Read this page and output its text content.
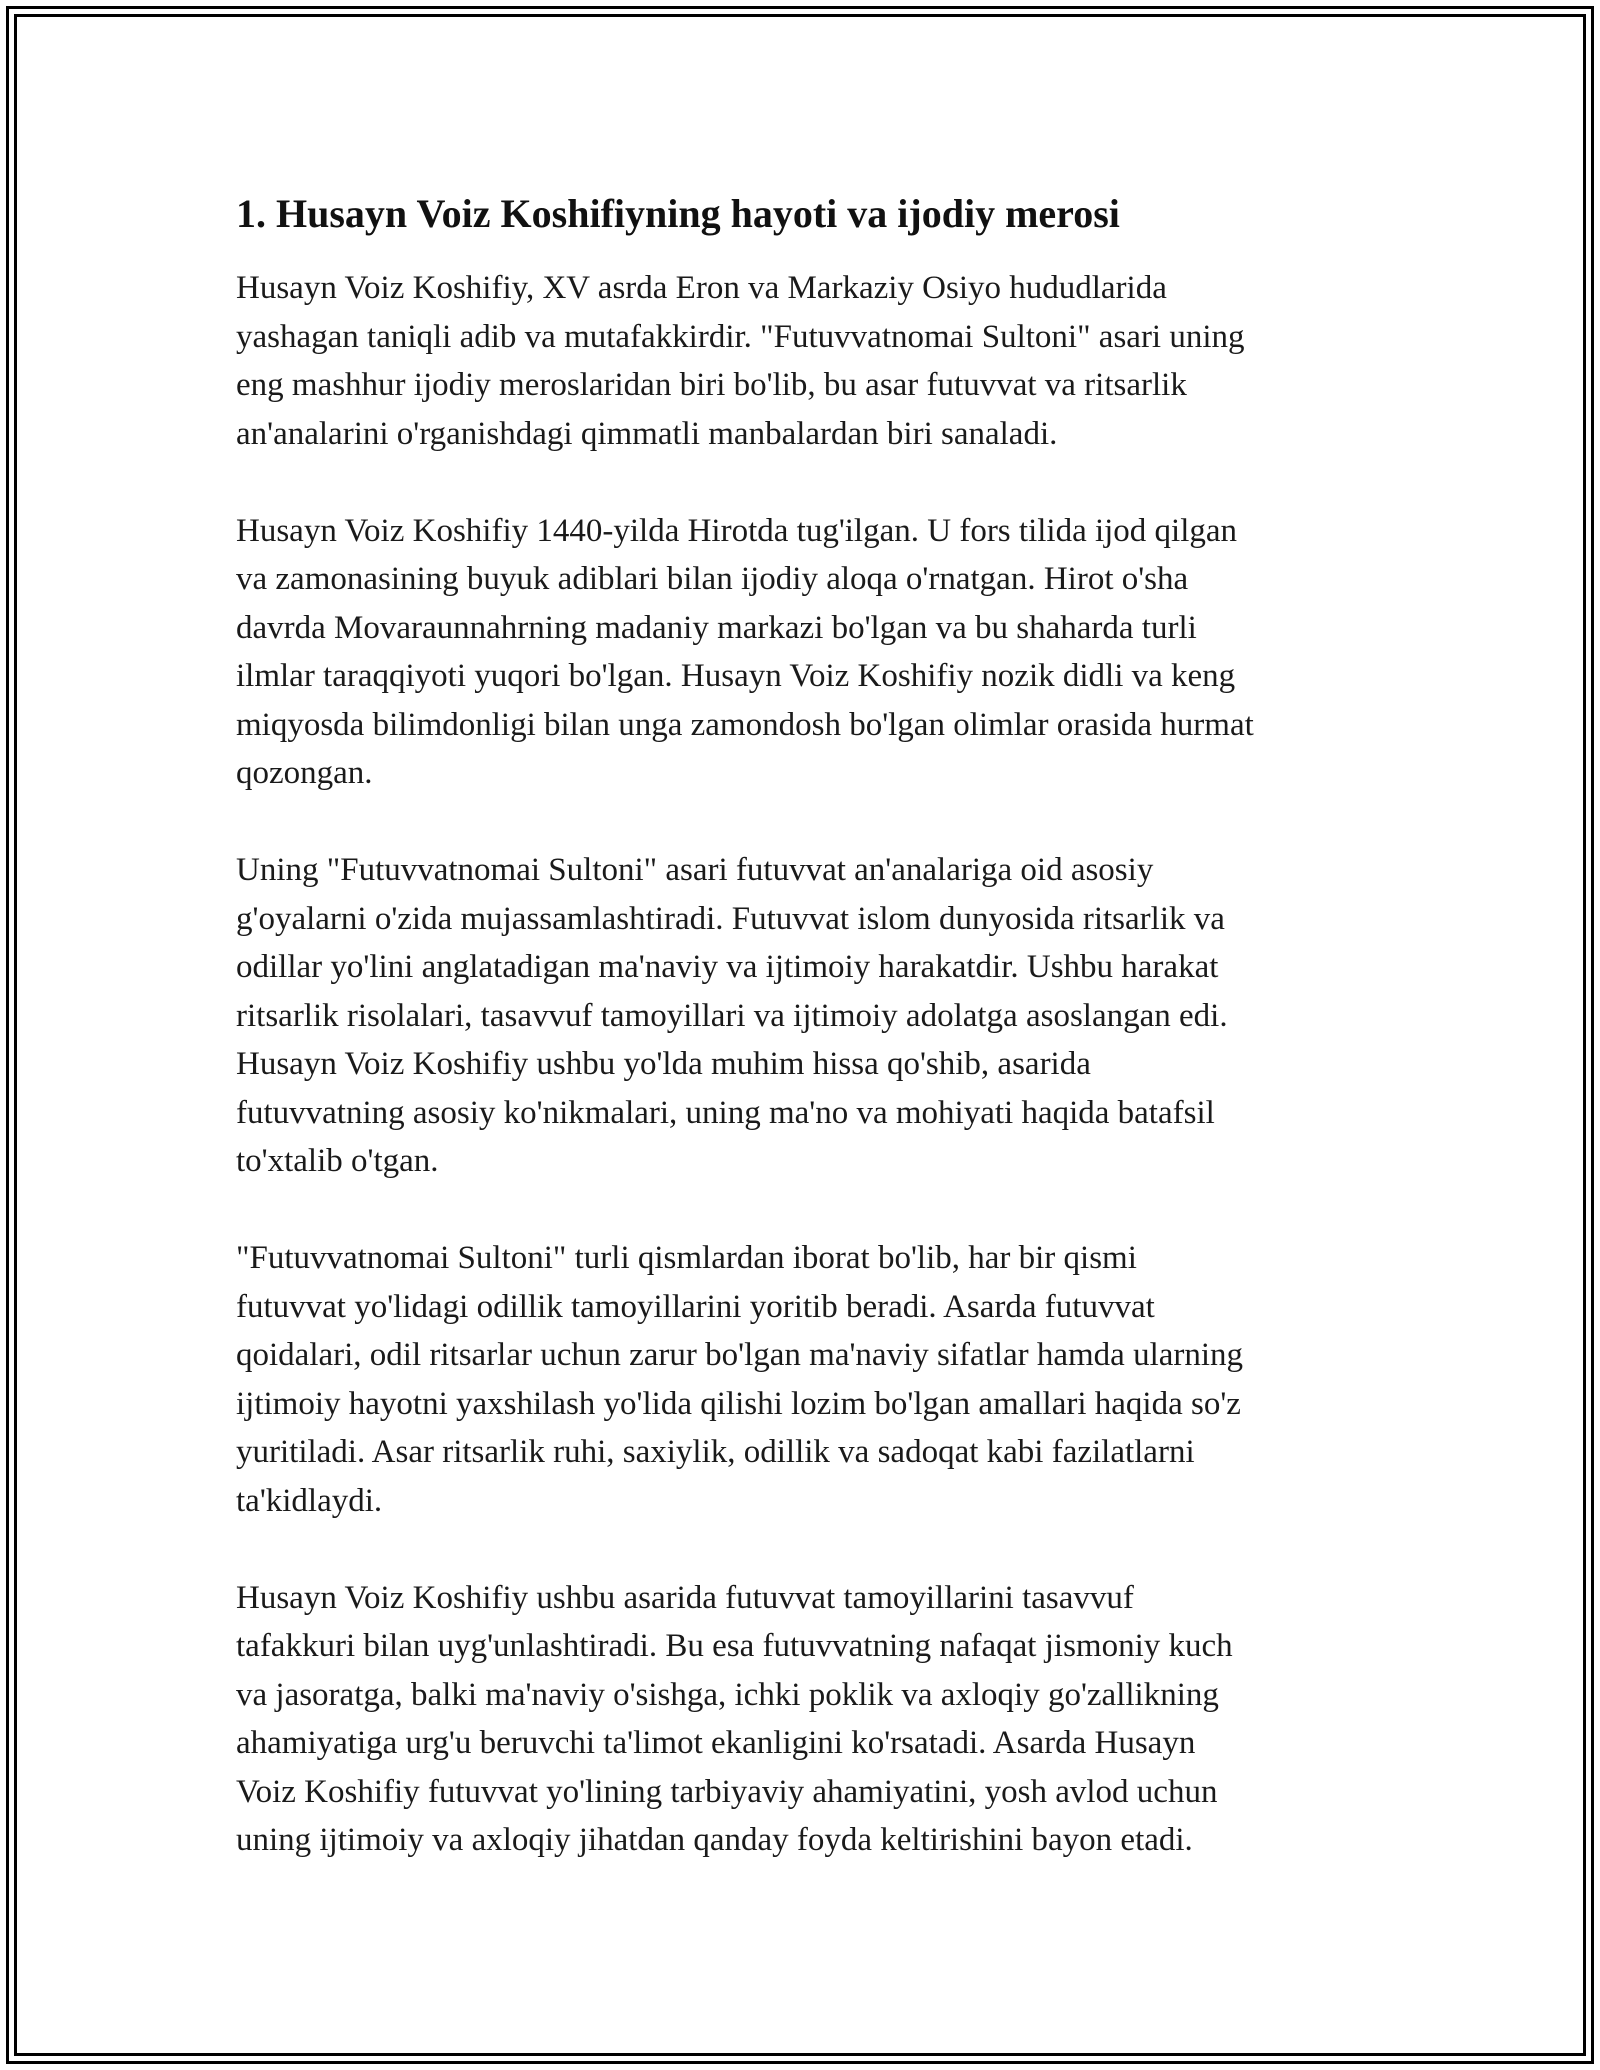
1. Husayn Voiz Koshifiyning hayoti va ijodiy merosi
Husayn Voiz Koshifiy, XV asrda Eron va Markaziy Osiyo hududlarida
yashagan taniqli adib va mutafakkirdir. "Futuvvatnomai Sultoni" asari uning
eng mashhur ijodiy meroslaridan biri bo'lib, bu asar futuvvat va ritsarlik
an'analarini o'rganishdagi qimmatli manbalardan biri sanaladi.
Husayn Voiz Koshifiy 1440-yilda Hirotda tug'ilgan. U fors tilida ijod qilgan
va zamonasining buyuk adiblari bilan ijodiy aloqa o'rnatgan. Hirot o'sha
davrda Movaraunnahrning madaniy markazi bo'lgan va bu shaharda turli
ilmlar taraqqiyoti yuqori bo'lgan. Husayn Voiz Koshifiy nozik didli va keng
miqyosda bilimdonligi bilan unga zamondosh bo'lgan olimlar orasida hurmat
qozongan.
Uning "Futuvvatnomai Sultoni" asari futuvvat an'analariga oid asosiy
g'oyalarni o'zida mujassamlashtiradi. Futuvvat islom dunyosida ritsarlik va
odillar yo'lini anglatadigan ma'naviy va ijtimoiy harakatdir. Ushbu harakat
ritsarlik risolalari, tasavvuf tamoyillari va ijtimoiy adolatga asoslangan edi.
Husayn Voiz Koshifiy ushbu yo'lda muhim hissa qo'shib, asarida
futuvvatning asosiy ko'nikmalari, uning ma'no va mohiyati haqida batafsil
to'xtalib o'tgan.
"Futuvvatnomai Sultoni" turli qismlardan iborat bo'lib, har bir qismi
futuvvat yo'lidagi odillik tamoyillarini yoritib beradi. Asarda futuvvat
qoidalari, odil ritsarlar uchun zarur bo'lgan ma'naviy sifatlar hamda ularning
ijtimoiy hayotni yaxshilash yo'lida qilishi lozim bo'lgan amallari haqida so'z
yuritiladi. Asar ritsarlik ruhi, saxiylik, odillik va sadoqat kabi fazilatlarni
ta'kidlaydi.
Husayn Voiz Koshifiy ushbu asarida futuvvat tamoyillarini tasavvuf
tafakkuri bilan uyg'unlashtiradi. Bu esa futuvvatning nafaqat jismoniy kuch
va jasoratga, balki ma'naviy o'sishga, ichki poklik va axloqiy go'zallikning
ahamiyatiga urg'u beruvchi ta'limot ekanligini ko'rsatadi. Asarda Husayn
Voiz Koshifiy futuvvat yo'lining tarbiyaviy ahamiyatini, yosh avlod uchun
uning ijtimoiy va axloqiy jihatdan qanday foyda keltirishini bayon etadi.
